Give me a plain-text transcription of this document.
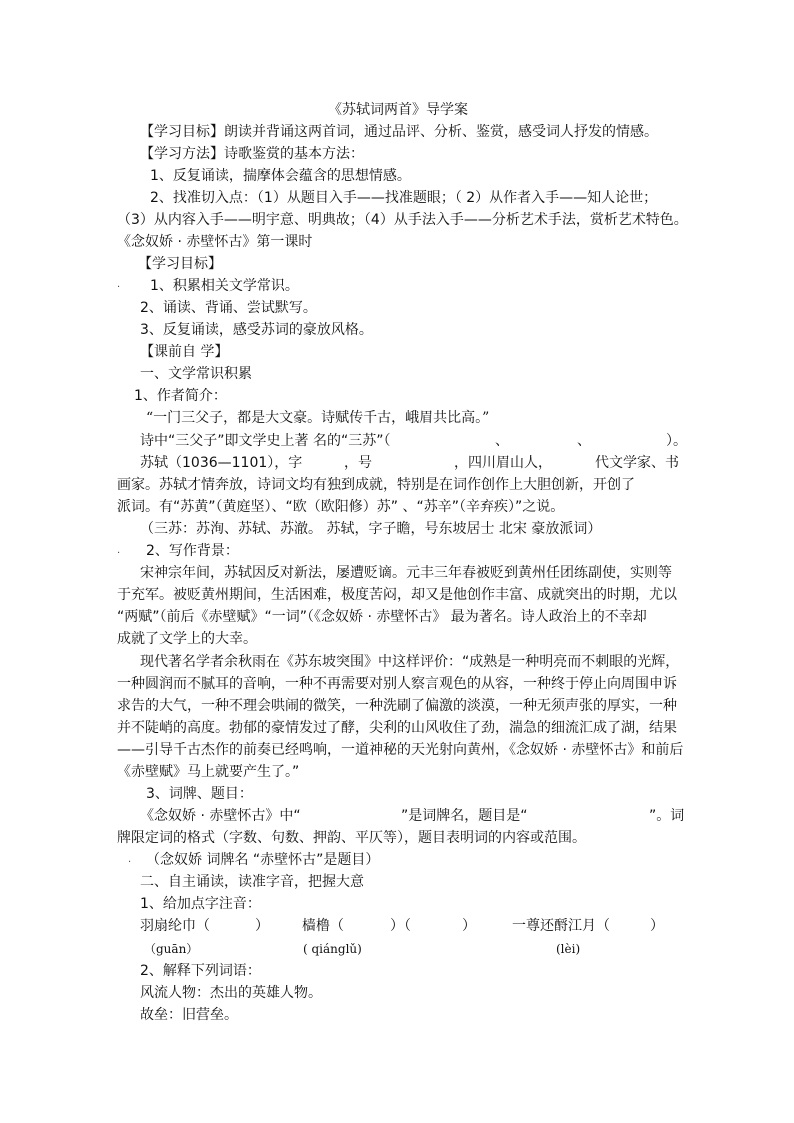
《苏轼词两首》导学案
【学习目标】朗读并背诵这两首词，通过品评、分析、鉴赏，感受词人抒发的情感。
【学习方法】诗歌鉴赏的基本方法：
1、反复诵读，揣摩体会蕴含的思想情感。
2、找准切入点：（1）从题目入手——找准题眼；（ 2）从作者入手——知人论世；
（3）从内容入手——明宇意、明典故；（4）从手法入手——分析艺术手法，赏析艺术特色。
《念奴娇 · 赤壁怀古》第一课时
【学习目标】
. 1、积累相关文学常识。
2、诵读、背诵、尝试默写。
3、反复诵读，感受苏词的豪放风格。
【课前自 学】
一、文学常识积累
1、作者简介：
“一门三父子，都是大文豪。诗赋传千古，峨眉共比高。”
诗中“三父子”即文学史上著 名的“三苏”（	、	、	）。
苏轼（1036—1101），字	，号	，四川眉山人，	代文学家、书
画家。苏轼才情奔放，诗词文均有独到成就，特别是在词作创作上大胆创新，开创了
派词。有“苏黄”（黄庭坚）、“欧（欧阳修）苏” 、“苏辛”（辛弃疾）”之说。
（三苏：苏洵、苏轼、苏澈。 苏轼，字子瞻，号东坡居士 北宋 豪放派词）
. 2、写作背景：
宋神宗年间，苏轼因反对新法，屡遭贬谪。元丰三年春被贬到黄州任团练副使，实则等
于充军。被贬黄州期间，生活困难，极度苦闷，却又是他创作丰富、成就突出的时期，尤以
“两赋”（前后《赤壁赋》“一词”（《念奴娇 · 赤壁怀古》 最为著名。诗人政治上的不幸却
成就了文学上的大幸。
现代著名学者余秋雨在《苏东坡突围》中这样评价：“成熟是一种明亮而不刺眼的光辉，
一种圆润而不腻耳的音响，一种不再需要对别人察言观色的从容，一种终于停止向周围申诉
求告的大气，一种不理会哄闹的微笑，一种洗刷了偏激的淡漠，一种无须声张的厚实，一种
并不陡峭的高度。勃郁的豪情发过了酵，尖利的山风收住了劲，湍急的细流汇成了湖，结果
——引导千古杰作的前奏已经鸣响，一道神秘的天光射向黄州，《念奴娇 · 赤壁怀古》和前后
《赤壁赋》马上就要产生了。”
3、词牌、题目：
《念奴娇 · 赤壁怀古》中“	”是词牌名，题目是“	”。词
牌限定词的格式（字数、句数、押韵、平仄等），题目表明词的内容或范围。
. （念奴娇 词牌名 “赤壁怀古”是题目）
二、自主诵读，读准字音，把握大意
1、给加点字注音：
羽扇纶巾（	） 樯橹（	）（	）	一尊还酹江月（	）
（guān）	( qiánglǔ)	(lèi)
2、解释下列词语：
风流人物：杰出的英雄人物。
故垒：旧营垒。
